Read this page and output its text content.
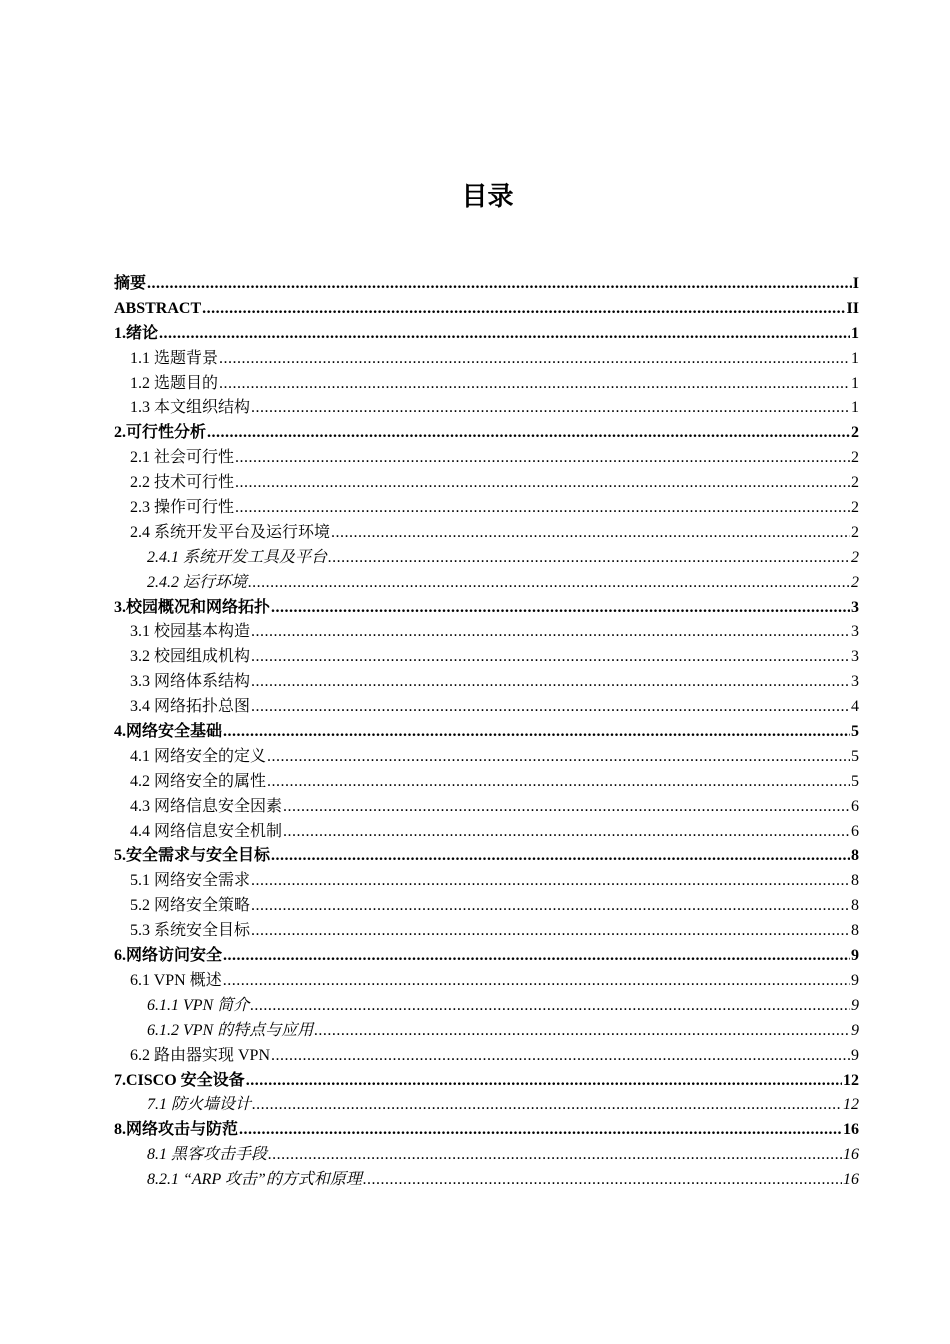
目录
摘要 .....	I
ABSTRACT .....	II
1.绪论 .....	1
1.1 选题背景 .....	1
1.2 选题目的 .....	1
1.3 本文组织结构 .....	1
2.可行性分析 .....	2
2.1 社会可行性 .....	2
2.2 技术可行性 .....	2
2.3 操作可行性 .....	2
2.4 系统开发平台及运行环境 .....	2
2.4.1 系统开发工具及平台 .....	2
2.4.2 运行环境 .....	2
3.校园概况和网络拓扑 .....	3
3.1 校园基本构造 .....	3
3.2 校园组成机构 .....	3
3.3 网络体系结构 .....	3
3.4 网络拓扑总图 .....	4
4.网络安全基础 .....	5
4.1 网络安全的定义 .....	5
4.2 网络安全的属性 .....	5
4.3 网络信息安全因素 .....	6
4.4 网络信息安全机制 .....	6
5.安全需求与安全目标 .....	8
5.1 网络安全需求 .....	8
5.2 网络安全策略 .....	8
5.3 系统安全目标 .....	8
6.网络访问安全 .....	9
6.1 VPN 概述 .....	9
6.1.1 VPN 简介 .....	9
6.1.2 VPN 的特点与应用 .....	9
6.2 路由器实现 VPN .....	9
7.CISCO 安全设备 .....	12
7.1 防火墙设计 .....	12
8.网络攻击与防范 .....	16
8.1 黑客攻击手段 .....	16
8.2.1 “ARP 攻击”的方式和原理 .....	16
